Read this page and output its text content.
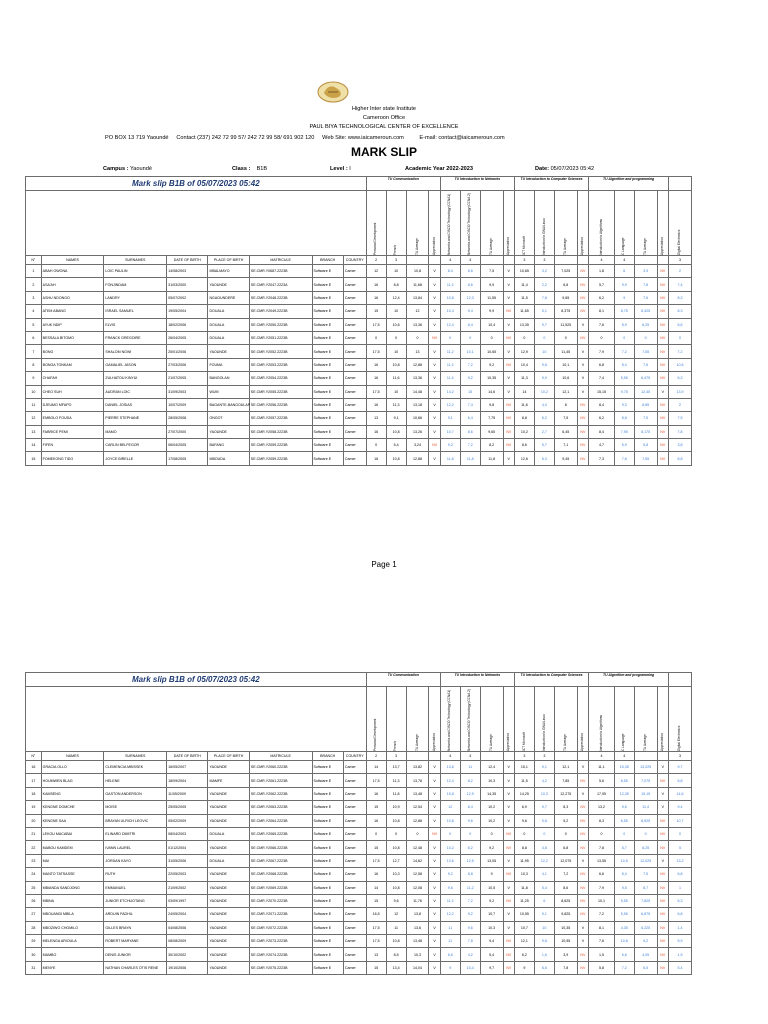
Higher Inter state Institute
Cameroon Office
PAUL BIYA TECHNOLOGICAL CENTER OF EXCELLENCE
PO BOX 13 719 Yaoundé     Contact (237) 242 72 99 57/ 242 72 99 58/ 691 902 120     Web Site: www.iaicameroun.com          E-mail: contact@iaicameroun.com
MARK SLIP
Campus : Yaoundé	Class : B1B	Level : I	Academic Year 2022-2023	Date: 05/07/2023 05:42
Mark slip B1B of 05/07/2023 05:42								TU Communication				TU Introduction to Networks				TU Introduction to Computer Sciences				TU Algorithm and programming				

								Personal Development	French	TU Average	Appreciation	Networks and CISCO Technology (CCNA1)	Networks and CISCO Technology (CCNA 2)	TU Average	Appreciation	ICT Microsoft	Introduction to GNU/Linux	TU Average	Appreciation	Introduction to Algorithms	C Language	TU Average	Appreciation	Digital Electronics

N°	NAMES	SURNAMES	DATE OF BIRTH	PLACE OF BIRTH	MATRICULE	BRANCH	COUNTRY	2	3			4	4			3	3			4	4			3
1	ABAH OWONA	LOIC PAULIN	14/08/2003	MBALMAYO	SE.CMR.Y0687.2223B	Software E	Camer	12	10	10,8	V	8,4	6,6	7,5	V	10,65	3,2	7,025	NV	1,8	6	3,9	NV	2
2	ASA'AH	FONJINDAM	31/03/2000	YAOUNDE	SE.CMR.Y2047.2223A	Software E	Camer	16	8,8	11,68	V	11,2	8,6	9,9	V	11,4	2,2	6,8	NV	5,7	9,9	7,8	NV	7,4
3	ASHU NDONGO	LANDRY	05/07/2002	NGAOUNDERE	SE.CMR.Y2048.2223B	Software E	Camer	16	12,4	13,84	V	10,8	12,3	11,55	V	11,5	7,8	9,65	NV	6,2	9	7,6	NV	8,3
4	ATEM ABANG	ISRAEL SAMUEL	19/05/2004	DOUALA	SE.CMR.Y2049.2223B	Software E	Camer	15	10	12	V	10,4	9,4	9,9	NV	11,65	5,1	8,375	NV	8,1	8,75	8,425	NV	8,3
5	AYUK NDIP	ELVIS	18/02/2006	DOUALA	SE.CMR.Y2050.2223B	Software E	Camer	17,5	10,6	13,36	V	12,4	8,4	10,4	V	13,35	9,7	11,525	V	7,6	8,9	8,25	NV	6,6
6	BESSALA BITOMO	FRANCK GREGOIRE	26/04/2005	DOUALA	SE.CMR.Y2051.2223B	Software E	Camer	0	0	0	NV	0	0	0	NV	0	0	0	NV	0	0	0	NV	0
7	BONG	SHALOM NGWI	25/01/2006	YAOUNDE	SE.CMR.Y2052.2223B	Software E	Camer	17,5	10	13	V	11,2	10,1	10,65	V	12,9	10	11,45	V	7,9	7,2	7,55	NV	7,2
8	BONGA TONKAM	GAMALIEL JASON	27/03/2006	FOUMA	SE.CMR.Y2053.2223B	Software E	Camer	16	10,8	12,88	V	11,2	7,2	9,2	NV	10,4	9,8	10,1	V	6,8	8,4	7,6	NV	10,6
9	CHAFAH	ZULHATOU KINYUI	21/07/2005	BANGOLAN	SE.CMR.Y2054.2223B	Software E	Camer	16	11,6	13,36	V	11,4	9,2	10,35	V	11,3	9,9	10,6	V	7,4	5,55	6,475	NV	6,3
10	CHEO SUH	AUDRAN LOIC	31/09/2003	WUM	SE.CMR.Y2055.2223B	Software E	Camer	17,5	10	14,48	V	14,2	15	14,6	V	14	10,2	12,1	V	15,15	9,75	12,45	V	13,9
11	DJEUMO MFAPO	DANIEL JOSIAS	10/07/2009	BAGANTE-BANGOULAP	SE.CMR.Y2056.2223B	Software E	Camer	16	11,3	13,18	V	12,2	7,4	9,8	NV	11,6	4,4	8	NV	8,4	9,3	8,85	NV	2
12	EMBOLO FOUDA	PIERRE STEPHANE	28/05/2008	ONGOT	SE.CMR.Y2057.2223B	Software E	Camer	13	9,1	10,66	V	9,1	6,4	7,75	NV	8,8	6,2	7,5	NV	6,2	8,8	7,5	NV	7,5
13	FABRICE PEMI	MAMO	27/07/2000	YAOUNDE	SE.CMR.Y2058.2223B	Software E	Camer	16	10,8	13,26	V	10,7	8,6	9,65	NV	10,2	2,7	6,45	NV	8,4	7,95	8,175	NV	7,8
14	FIFEN	CARLIN BELFEGOR	06/04/2005	BAFANG	SE.CMR.Y2059.2223B	Software E	Camer	0	5,4	3,24	NV	9,2	7,2	8,2	NV	8,6	5,7	7,1	NV	4,7	6,9	5,8	NV	3,8
15	FOMEKONG TIDO	JOYCE BIRELLE	17/08/2005	MBOUDA	SE.CMR.Y2059.2223B	Software E	Camer	16	10,8	12,88	V	11,8	11,8	11,8	V	12,6	6,3	9,45	NV	7,3	7,8	7,55	NV	8,8
Page 1
Mark slip B1B of 05/07/2023 05:42								TU Communication				TU Introduction to Networks				TU Introduction to Computer Sciences				TU Algorithm and programming				

								Personal Development	French	TU Average	Appreciation	Networks and CISCO Technology (CCNA1)	Networks and CISCO Technology (CCNA 2)	TU Average	Appreciation	ICT Microsoft	Introduction to GNU/Linux	TU Average	Appreciation	Introduction to Algorithms	C Language	TU Average	Appreciation	Digital Electronics

N°	NAMES	SURNAMES	DATE OF BIRTH	PLACE OF BIRTH	MATRICULE	BRANCH	COUNTRY	2	3			4	4			3	3			4	4			3
16	GRACIA OLLO	CLEMENCIA MBISSEK	16/05/2007	YAOUNDE	SE.CMR.Y2060.2223B	Software E	Camer	14	13,7	13,82	V	13,8	11	12,4	V	15,1	9,1	12,1	V	11,1	15,35	13,225	V	9,7
17	HOUMWEN BLAG	HELENE	18/09/2004	MAMFE	SE.CMR.Y2061.2223B	Software E	Camer	17,5	11,3	13,78	V	12,4	8,2	10,3	V	11,5	4,2	7,85	NV	5,6	8,55	7,075	NV	6,8
18	KAMSENG	GASTON ANDERSON	11/05/2009	YAOUNDE	SE.CMR.Y2062.2223B	Software E	Camer	16	11,8	13,48	V	15,8	12,9	14,35	V	14,25	10,3	12,275	V	17,95	12,35	15,15	V	14,6
19	KENGNE DOMCHE	MOISE	25/05/2005	YAOUNDE	SE.CMR.Y2063.2223B	Software E	Camer	15	10,9	12,54	V	12	8,4	10,2	V	6,9	9,7	8,3	NV	13,2	9,6	11,4	V	9,4
20	KENGNE SAA	BRAYAN ULRICH LEOVIC	05/02/2009	YAOUNDE	SE.CMR.Y2064.2223B	Software E	Camer	16	10,8	12,88	V	10,8	9,6	10,2	V	9,6	0,8	5,2	NV	8,3	6,55	8,925	NV	10,7
21	LEKOU MACABAI	ELINARD DIMITRI	08/04/2003	DOUALA	SE.CMR.Y2065.2223B	Software E	Camer	0	0	0	NV	0	0	0	NV	0	0	0	NV	0	0	0	NV	0
22	MABOU KAMDEM	IVANN LAUREL	01/12/2004	YAOUNDE	SE.CMR.Y2066.2223B	Software E	Camer	15	10,8	12,48	V	10,2	8,2	9,2	NV	8,8	4,8	6,8	NV	7,8	8,7	8,25	NV	5
23	MAI	JORDAN KAYO	31/05/2006	DOUALA	SE.CMR.Y2067.2223B	Software E	Camer	17,5	12,7	14,62	V	13,6	12,5	13,05	V	11,95	12,2	12,075	V	13,55	10,5	12,025	V	13,2
24	MANTO TATSASSE	RUTH	22/05/2003	YAOUNDE	SE.CMR.Y2068.2223B	Software E	Camer	16	10,3	12,58	V	9,2	8,8	9	NV	10,3	4,1	7,2	NV	6,6	8,4	7,5	NV	6,8
25	MBIANDA SANDJONG	EMMANUEL	21/09/2002	YAOUNDE	SE.CMR.Y2069.2223B	Software E	Camer	14	10,8	12,08	V	9,6	11,2	10,5	V	11,8	5,4	8,6	NV	7,9	9,5	8,7	NV	1
26	MBINA	JUNIOR ETCHUOTANG	03/09/1997	YAOUNDE	SE.CMR.Y2070.2223B	Software E	Camer	15	9,6	11,76	V	11,2	7,2	9,2	NV	11,25	6	8,625	NV	10,1	5,55	7,825	NV	6,3
27	MBOUANDI MBILA	ARDUIN FADHIL	24/05/2004	YAOUNDE	SE.CMR.Y2071.2223B	Software E	Camer	16,5	12	13,8	V	12,2	9,2	10,7	V	10,55	9,1	9,825	NV	7,2	5,55	6,875	NV	6,8
28	MBOZIWO CHOMILO	GILLES BRAYN	04/08/2006	YAOUNDE	SE.CMR.Y2072.2223B	Software E	Camer	17,5	11	13,6	V	11	9,6	10,3	V	10,7	10	10,35	V	8,1	4,35	6,225	NV	1,4
29	MELENGA ARIOULA	ROBERT MARYANE	08/08/2009	YAOUNDE	SE.CMR.Y2073.2223B	Software E	Camer	17,5	10,8	13,48	V	11	7,8	9,4	NV	12,1	9,8	10,95	V	7,6	10,8	9,2	NV	5,9
30	MAMBO	DENIS JUNIOR	30/10/2002	YAOUNDE	SE.CMR.Y2074.2223B	Software E	Camer	13	8,5	10,3	V	6,6	4,2	5,4	NV	6,2	1,6	3,9	NV	1,5	6,6	4,05	NV	1,5
31	MENYE	NATHAN CHARLES OTIS RENE	19/10/2006	YAOUNDE	SE.CMR.Y2075.2223B	Software E	Camer	15	13,4	14,04	V	9	10,4	9,7	NV	9	6,6	7,8	NV	5,8	7,2	6,5	NV	5,4
